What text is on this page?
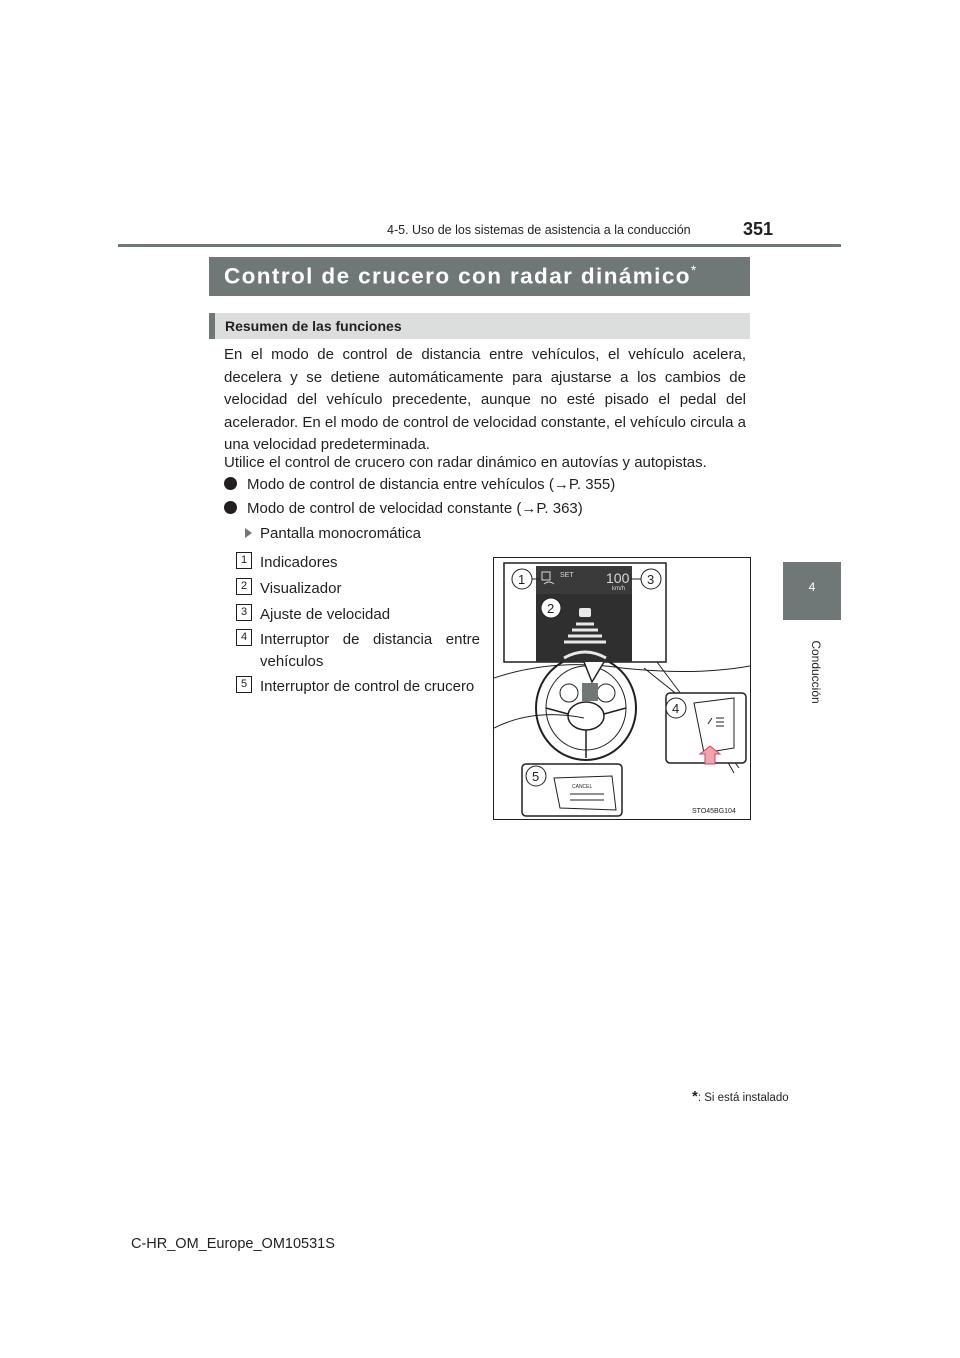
4-5. Uso de los sistemas de asistencia a la conducción	351
4
Conducción
Control de crucero con radar dinámico*
Resumen de las funciones
En el modo de control de distancia entre vehículos, el vehículo acelera, decelera y se detiene automáticamente para ajustarse a los cambios de velocidad del vehículo precedente, aunque no esté pisado el pedal del acelerador. En el modo de control de velocidad constante, el vehículo circula a una velocidad predeterminada.
Utilice el control de crucero con radar dinámico en autovías y autopistas.
Modo de control de distancia entre vehículos (→P. 355)
Modo de control de velocidad constante (→P. 363)
Pantalla monocromática
1 Indicadores
2 Visualizador
3 Ajuste de velocidad
4 Interruptor de distancia entre vehículos
5 Interruptor de control de crucero
SET 100
km/h
1
2
3
4
CANCEL
5
STO45BG104
*: Si está instalado
C-HR_OM_Europe_OM10531S
